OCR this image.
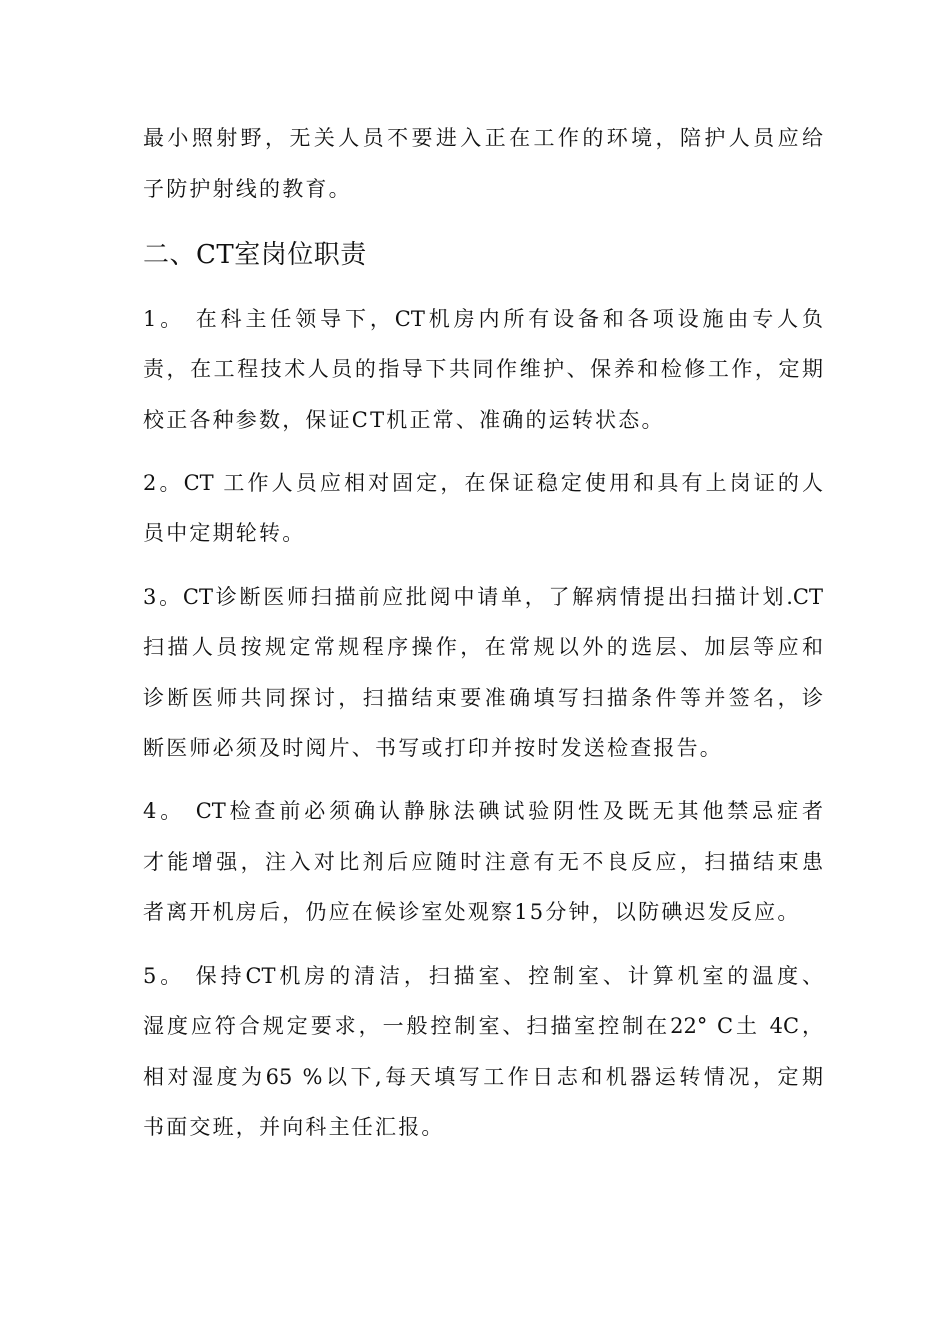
最小照射野，无关人员不要进入正在工作的环境，陪护人员应给
子防护射线的教育。
二、CT室岗位职责
1。 在科主任领导下，CT机房内所有设备和各项设施由专人负
责，在工程技术人员的指导下共同作维护、保养和检修工作，定期
校正各种参数，保证CT机正常、准确的运转状态。
2。CT 工作人员应相对固定，在保证稳定使用和具有上岗证的人
员中定期轮转。
3。CT诊断医师扫描前应批阅中请单，了解病情提出扫描计划.CT
扫描人员按规定常规程序操作，在常规以外的选层、加层等应和
诊断医师共同探讨，扫描结束要准确填写扫描条件等并签名，诊
断医师必须及时阅片、书写或打印并按时发送检查报告。
4。 CT检查前必须确认静脉法碘试验阴性及既无其他禁忌症者
才能增强，注入对比剂后应随时注意有无不良反应，扫描结束患
者离开机房后，仍应在候诊室处观察15分钟，以防碘迟发反应。
5。 保持CT机房的清洁，扫描室、控制室、计算机室的温度、
湿度应符合规定要求，一般控制室、扫描室控制在22° C土 4C，
相对湿度为65 %以下,每天填写工作日志和机器运转情况，定期
书面交班，并向科主任汇报。
